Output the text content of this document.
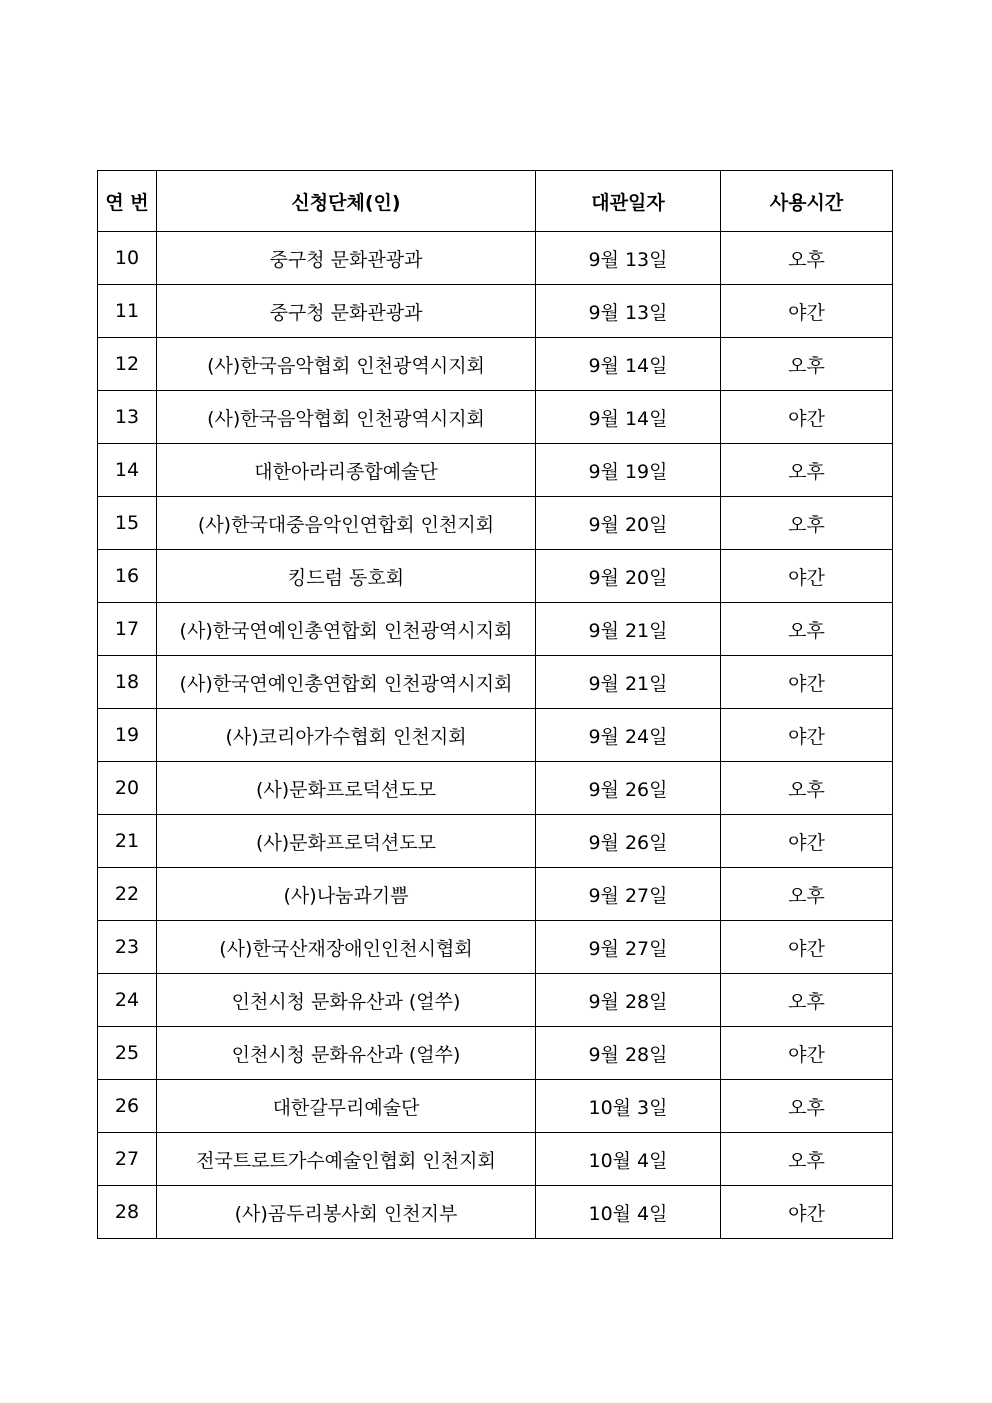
연 번	신청단체(인)	대관일자	사용시간
10	중구청 문화관광과	9월 13일	오후
11	중구청 문화관광과	9월 13일	야간
12	(사)한국음악협회 인천광역시지회	9월 14일	오후
13	(사)한국음악협회 인천광역시지회	9월 14일	야간
14	대한아라리종합예술단	9월 19일	오후
15	(사)한국대중음악인연합회 인천지회	9월 20일	오후
16	킹드럼 동호회	9월 20일	야간
17	(사)한국연예인총연합회 인천광역시지회	9월 21일	오후
18	(사)한국연예인총연합회 인천광역시지회	9월 21일	야간
19	(사)코리아가수협회 인천지회	9월 24일	야간
20	(사)문화프로덕션도모	9월 26일	오후
21	(사)문화프로덕션도모	9월 26일	야간
22	(사)나눔과기쁨	9월 27일	오후
23	(사)한국산재장애인인천시협회	9월 27일	야간
24	인천시청 문화유산과 (얼쑤)	9월 28일	오후
25	인천시청 문화유산과 (얼쑤)	9월 28일	야간
26	대한갈무리예술단	10월 3일	오후
27	전국트로트가수예술인협회 인천지회	10월 4일	오후
28	(사)곰두리봉사회 인천지부	10월 4일	야간
